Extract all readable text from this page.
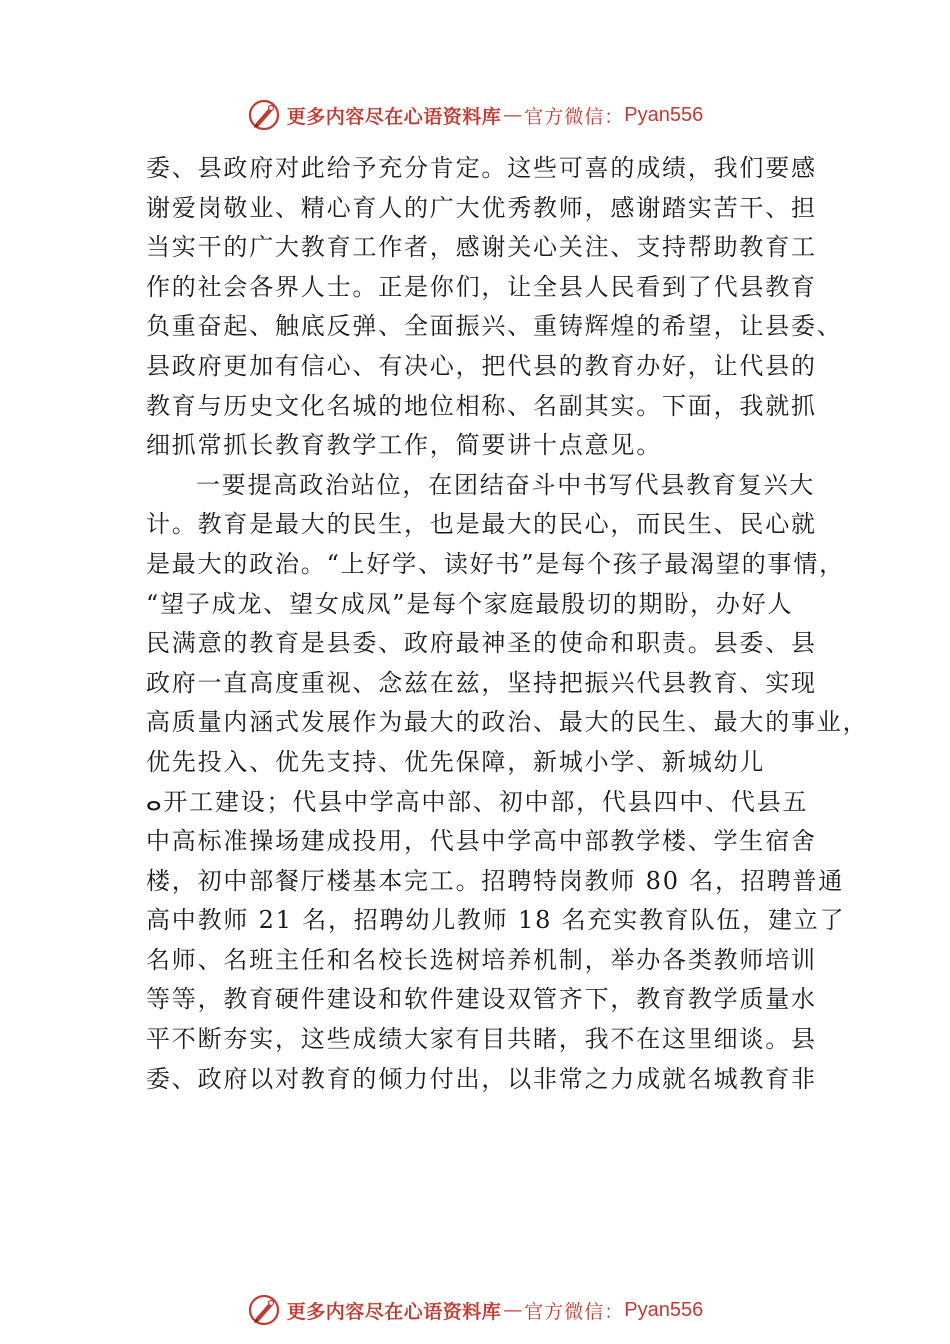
更多内容尽在心语资料库 — 官方微信： Pyan556
委、县政府对此给予充分肯定。这些可喜的成绩，我们要感
谢爱岗敬业、精心育人的广大优秀教师，感谢踏实苦干、担
当实干的广大教育工作者，感谢关心关注、支持帮助教育工
作的社会各界人士。正是你们，让全县人民看到了代县教育
负重奋起、触底反弹、全面振兴、重铸辉煌的希望，让县委、
县政府更加有信心、有决心，把代县的教育办好，让代县的
教育与历史文化名城的地位相称、名副其实。下面，我就抓
细抓常抓长教育教学工作，简要讲十点意见。
一要提高政治站位，在团结奋斗中书写代县教育复兴大
计。教育是最大的民生，也是最大的民心，而民生、民心就
是最大的政治。“上好学、读好书”是每个孩子最渴望的事情，
“望子成龙、望女成凤”是每个家庭最殷切的期盼，办好人
民满意的教育是县委、政府最神圣的使命和职责。县委、县
政府一直高度重视、念兹在兹，坚持把振兴代县教育、实现
高质量内涵式发展作为最大的政治、最大的民生、最大的事业，
优先投入、优先支持、优先保障，新城小学、新城幼儿
ⴰ开工建设；代县中学高中部、初中部，代县四中、代县五
中高标准操场建成投用，代县中学高中部教学楼、学生宿舍
楼，初中部餐厅楼基本完工。招聘特岗教师 80 名，招聘普通
高中教师 21 名，招聘幼儿教师 18 名充实教育队伍，建立了
名师、名班主任和名校长选树培养机制，举办各类教师培训
等等，教育硬件建设和软件建设双管齐下，教育教学质量水
平不断夯实，这些成绩大家有目共睹，我不在这里细谈。县
委、政府以对教育的倾力付出，以非常之力成就名城教育非
更多内容尽在心语资料库 — 官方微信： Pyan556
